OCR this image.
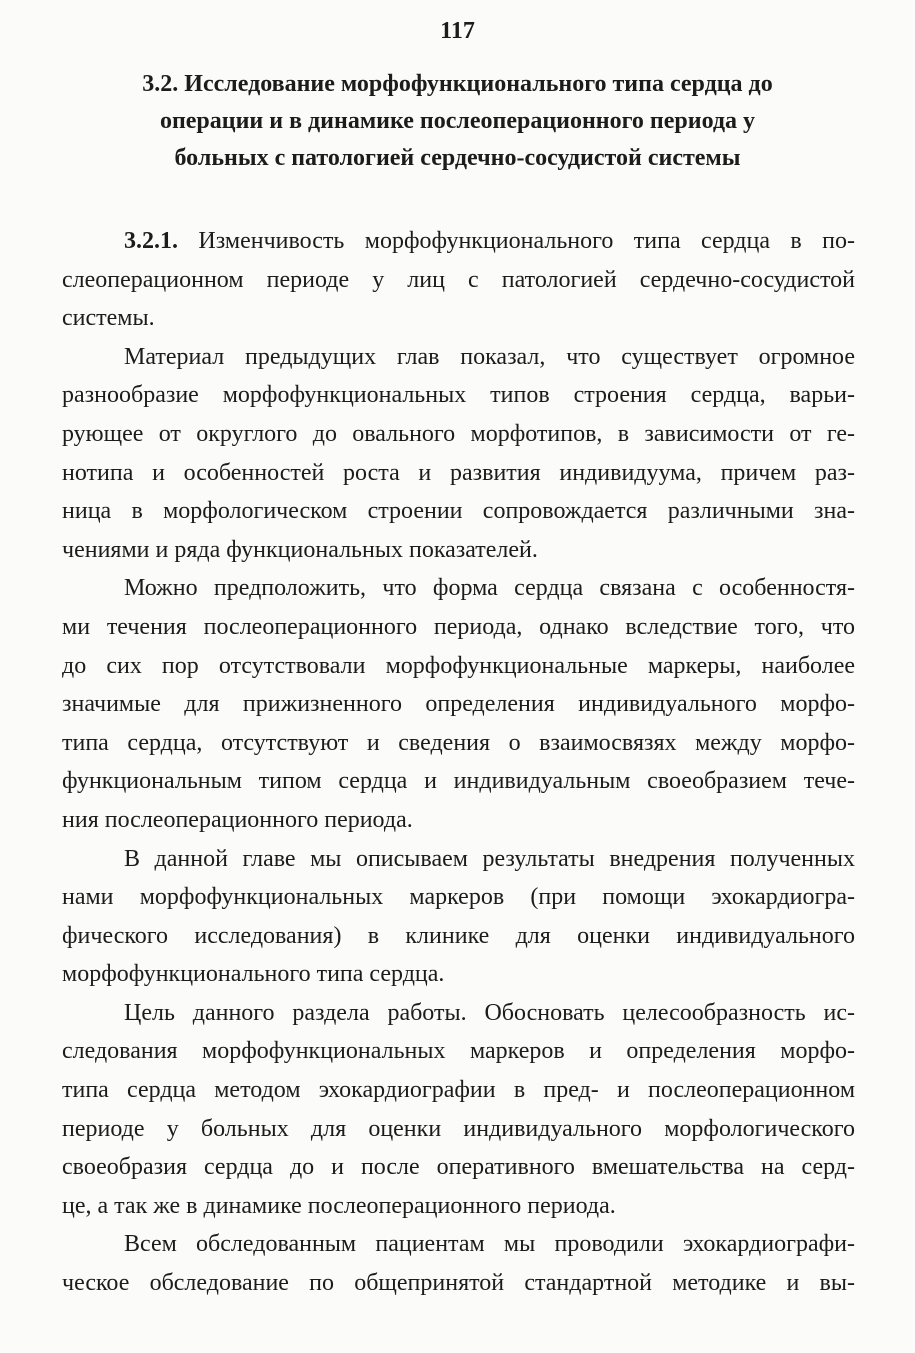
117
3.2. Исследование морфофункционального типа сердца до
операции и в динамике послеоперационного периода у
больных с патологией сердечно-сосудистой системы
3.2.1. Изменчивость морфофункционального типа сердца в по-
слеоперационном периоде у лиц с патологией сердечно-сосудистой
системы.
Материал предыдущих глав показал, что существует огромное
разнообразие морфофункциональных типов строения сердца, варьи-
рующее от округлого до овального морфотипов, в зависимости от ге-
нотипа и особенностей роста и развития индивидуума, причем раз-
ница в морфологическом строении сопровождается различными зна-
чениями и ряда функциональных показателей.
Можно предположить, что форма сердца связана с особенностя-
ми течения послеоперационного периода, однако вследствие того, что
до сих пор отсутствовали морфофункциональные маркеры, наиболее
значимые для прижизненного определения индивидуального морфо-
типа сердца, отсутствуют и сведения о взаимосвязях между морфо-
функциональным типом сердца и индивидуальным своеобразием тече-
ния послеоперационного периода.
В данной главе мы описываем результаты внедрения полученных
нами морфофункциональных маркеров (при помощи эхокардиогра-
фического исследования) в клинике для оценки индивидуального
морфофункционального типа сердца.
Цель данного раздела работы. Обосновать целесообразность ис-
следования морфофункциональных маркеров и определения морфо-
типа сердца методом эхокардиографии в пред- и послеоперационном
периоде у больных для оценки индивидуального морфологического
своеобразия сердца до и после оперативного вмешательства на серд-
це, а так же в динамике послеоперационного периода.
Всем обследованным пациентам мы проводили эхокардиографи-
ческое обследование по общепринятой стандартной методике и вы-
